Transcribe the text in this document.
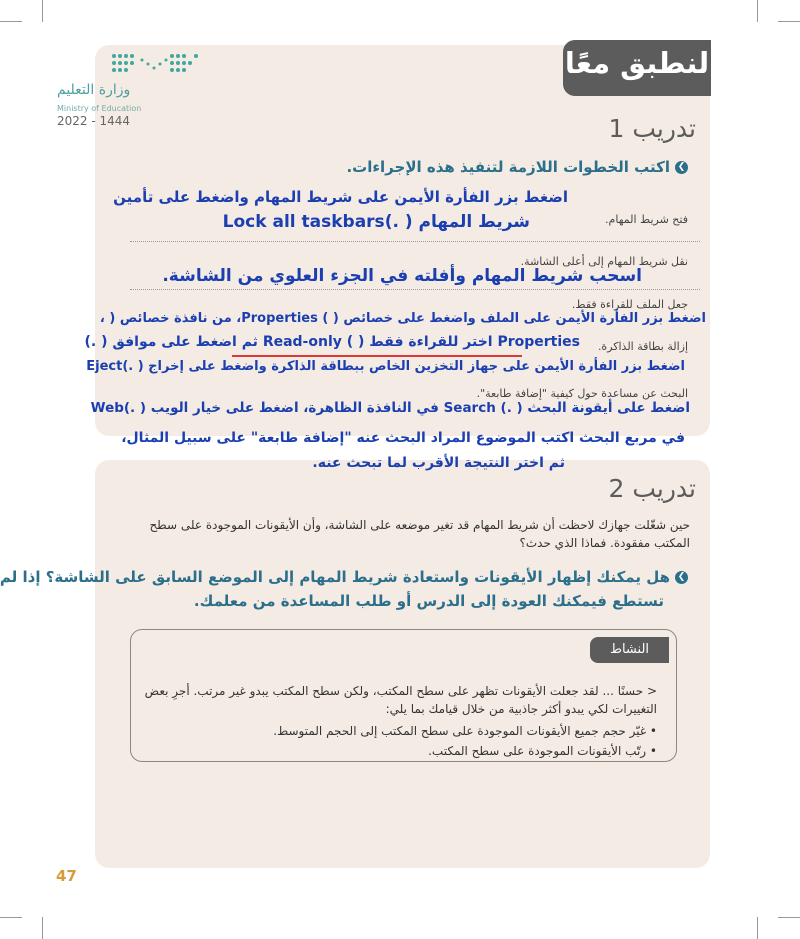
لنطبق معًا
وزارة التعليم
Ministry of Education
2022 - 1444	تدريب 1
❯اكتب الخطوات اللازمة لتنفيذ هذه الإجراءات.
اضغط بزر الفأرة الأيمن على شريط المهام واضغط على تأمين
فتح شريط المهام.
شريط المهام ( .)Lock all taskbars
نقل شريط المهام إلى أعلى الشاشة.
اسحب شريط المهام وأفلته في الجزء العلوي من الشاشة.
جعل الملف للقراءة فقط.
اضغط بزر الفأرة الأيمن على الملف واضغط على خصائص ( ) Properties، من نافذة خصائص ( ،
إزالة بطاقة الذاكرة.
Properties اختر للقراءة فقط ( ) Read-only ثم اضغط على موافق ( .)
اضغط بزر الفأرة الأيمن على جهاز التخزين الخاص ببطاقة الذاكرة واضغط على إخراج ( .)Eject
البحث عن مساعدة حول كيفية "إضافة طابعة".
اضغط على أيقونة البحث ( .) Search في النافذة الظاهرة، اضغط على خيار الويب ( .)Web
في مربع البحث اكتب الموضوع المراد البحث عنه "إضافة طابعة" على سبيل المثال،
ثم اختر النتيجة الأقرب لما تبحث عنه.
تدريب 2
حين شغّلت جهازك لاحظت أن شريط المهام قد تغير موضعه على الشاشة، وأن الأيقونات الموجودة على سطح المكتب مفقودة. فماذا الذي حدث؟
❯هل يمكنك إظهار الأيقونات واستعادة شريط المهام إلى الموضع السابق على الشاشة؟ إذا لم
تستطع فيمكنك العودة إلى الدرس أو طلب المساعدة من معلمك.
النشاط
< حسنًا ... لقد جعلت الأيقونات تظهر على سطح المكتب، ولكن سطح المكتب يبدو غير مرتب. أجرِ بعض
التغييرات لكي يبدو أكثر جاذبية من خلال قيامك بما يلي:
• غيّر حجم جميع الأيقونات الموجودة على سطح المكتب إلى الحجم المتوسط.
• رتّب الأيقونات الموجودة على سطح المكتب.
47
